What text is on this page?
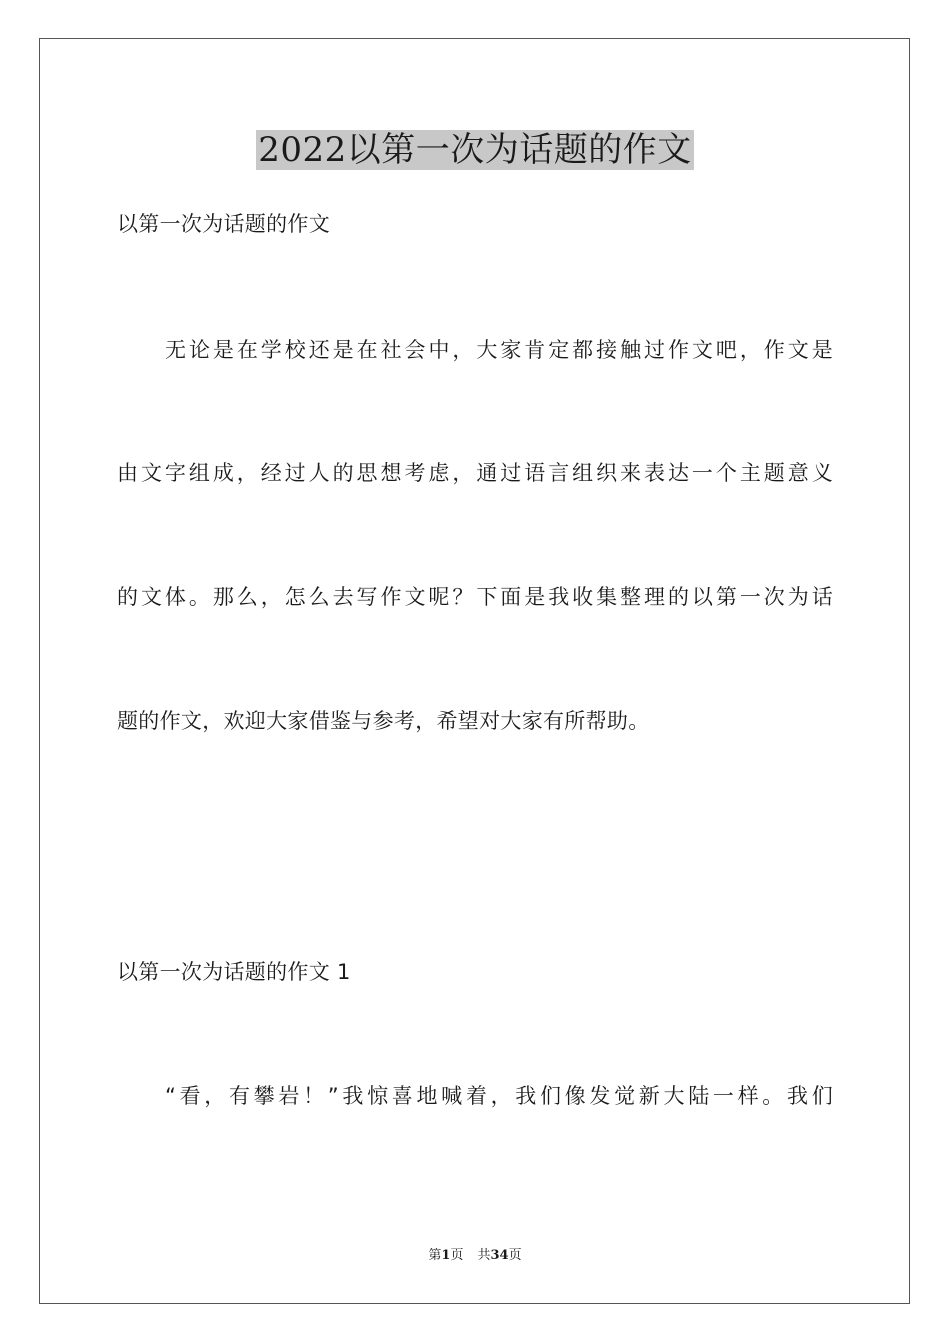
2022以第一次为话题的作文

以第一次为话题的作文

无论是在学校还是在社会中，大家肯定都接触过作文吧，作文是

由文字组成，经过人的思想考虑，通过语言组织来表达一个主题意义

的文体。那么，怎么去写作文呢？下面是我收集整理的以第一次为话

题的作文，欢迎大家借鉴与参考，希望对大家有所帮助。

以第一次为话题的作文 1

“看，有攀岩！”我惊喜地喊着，我们像发觉新大陆一样。我们

第1页 共34页
